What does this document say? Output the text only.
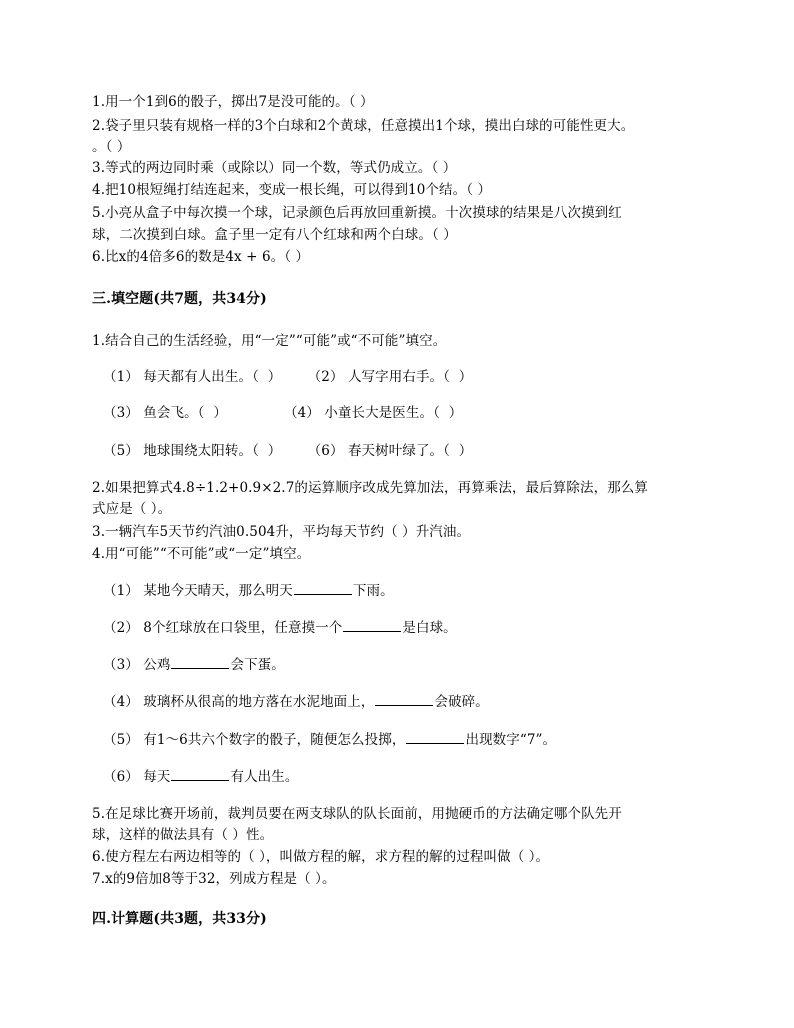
1.用一个1到6的骰子，掷出7是没可能的。（ ）
2.袋子里只装有规格一样的3个白球和2个黄球，任意摸出1个球，摸出白球的可能性更大。
。（ ）
3.等式的两边同时乘（或除以）同一个数，等式仍成立。（ ）
4.把10根短绳打结连起来，变成一根长绳，可以得到10个结。（ ）
5.小亮从盒子中每次摸一个球，记录颜色后再放回重新摸。十次摸球的结果是八次摸到红
球，二次摸到白球。盒子里一定有八个红球和两个白球。（ ）
6.比x的4倍多6的数是4x + 6。（ ）
三.填空题(共7题，共34分)
1.结合自己的生活经验，用“一定”“可能”或“不可能”填空。
（1） 每天都有人出生。（  ）      （2） 人写字用右手。（  ）
（3） 鱼会飞。（  ）             （4） 小童长大是医生。（  ）
（5） 地球围绕太阳转。（  ）      （6） 春天树叶绿了。（  ）
2.如果把算式4.8÷1.2+0.9×2.7的运算顺序改成先算加法，再算乘法，最后算除法，那么算
式应是（ ）。
3.一辆汽车5天节约汽油0.504升，平均每天节约（ ）升汽油。
4.用“可能”“不可能”或“一定”填空。
（1） 某地今天晴天，那么明天	下雨。
（2） 8个红球放在口袋里，任意摸一个	是白球。
（3） 公鸡	会下蛋。
（4） 玻璃杯从很高的地方落在水泥地面上，	会破碎。
（5） 有1～6共六个数字的骰子，随便怎么投掷，	出现数字“7”。
（6） 每天	有人出生。
5.在足球比赛开场前，裁判员要在两支球队的队长面前，用抛硬币的方法确定哪个队先开
球，这样的做法具有（ ）性。
6.使方程左右两边相等的（ ），叫做方程的解，求方程的解的过程叫做（ ）。
7.x的9倍加8等于32，列成方程是（ ）。
四.计算题(共3题，共33分)
